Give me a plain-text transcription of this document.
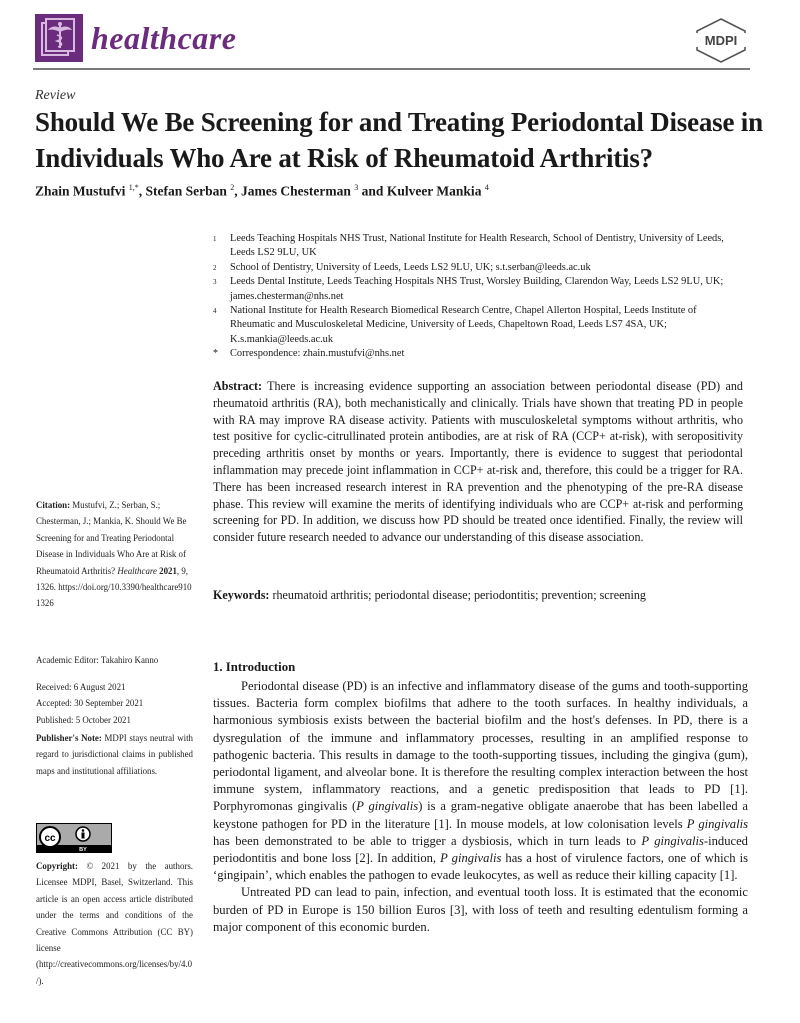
healthcare	MDPI
Review
Should We Be Screening for and Treating Periodontal Disease in Individuals Who Are at Risk of Rheumatoid Arthritis?
Zhain Mustufvi $^{1,*}$, Stefan Serban $^2$, James Chesterman $^3$ and Kulveer Mankia $^4$
1 Leeds Teaching Hospitals NHS Trust, National Institute for Health Research, School of Dentistry, University of Leeds, Leeds LS2 9LU, UK
2 School of Dentistry, University of Leeds, Leeds LS2 9LU, UK; s.t.serban@leeds.ac.uk
3 Leeds Dental Institute, Leeds Teaching Hospitals NHS Trust, Worsley Building, Clarendon Way, Leeds LS2 9LU, UK; james.chesterman@nhs.net
4 National Institute for Health Research Biomedical Research Centre, Chapel Allerton Hospital, Leeds Institute of Rheumatic and Musculoskeletal Medicine, University of Leeds, Chapeltown Road, Leeds LS7 4SA, UK; K.s.mankia@leeds.ac.uk
* Correspondence: zhain.mustufvi@nhs.net
Abstract: There is increasing evidence supporting an association between periodontal disease (PD) and rheumatoid arthritis (RA), both mechanistically and clinically. Trials have shown that treating PD in people with RA may improve RA disease activity. Patients with musculoskeletal symptoms without arthritis, who test positive for cyclic-citrullinated protein antibodies, are at risk of RA (CCP+ at-risk), with seropositivity preceding arthritis onset by months or years. Importantly, there is evidence to suggest that periodontal inflammation may precede joint inflammation in CCP+ at-risk and, therefore, this could be a trigger for RA. There has been increased research interest in RA prevention and the phenotyping of the pre-RA disease phase. This review will examine the merits of identifying individuals who are CCP+ at-risk and performing screening for PD. In addition, we discuss how PD should be treated once identified. Finally, the review will consider future research needed to advance our understanding of this disease association.
Keywords: rheumatoid arthritis; periodontal disease; periodontitis; prevention; screening
Citation: Mustufvi, Z.; Serban, S.; Chesterman, J.; Mankia, K. Should We Be Screening for and Treating Periodontal Disease in Individuals Who Are at Risk of Rheumatoid Arthritis? Healthcare 2021, 9, 1326. https://doi.org/10.3390/healthcare9101326
Academic Editor: Takahiro Kanno
Received: 6 August 2021
Accepted: 30 September 2021
Published: 5 October 2021
Publisher's Note: MDPI stays neutral with regard to jurisdictional claims in published maps and institutional affiliations.
cc
BY
Copyright: © 2021 by the authors. Licensee MDPI, Basel, Switzerland. This article is an open access article distributed under the terms and conditions of the Creative Commons Attribution (CC BY) license (http://creativecommons.org/licenses/by/4.0/).
1. Introduction

Periodontal disease (PD) is an infective and inflammatory disease of the gums and tooth-supporting tissues. Bacteria form complex biofilms that adhere to the tooth surfaces. In healthy individuals, a harmonious symbiosis exists between the bacterial biofilm and the host's defenses. In PD, there is a dysregulation of the immune and inflammatory processes, resulting in an amplified response to pathogenic bacteria. This results in damage to the tooth-supporting tissues, including the gingiva (gum), periodontal ligament, and alveolar bone. It is therefore the resulting complex interaction between the host immune system, inflammatory reactions, and a genetic predisposition that leads to PD [1]. Porphyromonas gingivalis (P gingivalis) is a gram-negative obligate anaerobe that has been labelled a keystone pathogen for PD in the literature [1]. In mouse models, at low colonisation levels P gingivalis has been demonstrated to be able to trigger a dysbiosis, which in turn leads to P gingivalis-induced periodontitis and bone loss [2]. In addition, P gingivalis has a host of virulence factors, one of which is ‘gingipain’, which enables the pathogen to evade leukocytes, as well as reduce their killing capacity [1].

Untreated PD can lead to pain, infection, and eventual tooth loss. It is estimated that the economic burden of PD in Europe is 150 billion Euros [3], with loss of teeth and resulting edentulism forming a major component of this economic burden.
